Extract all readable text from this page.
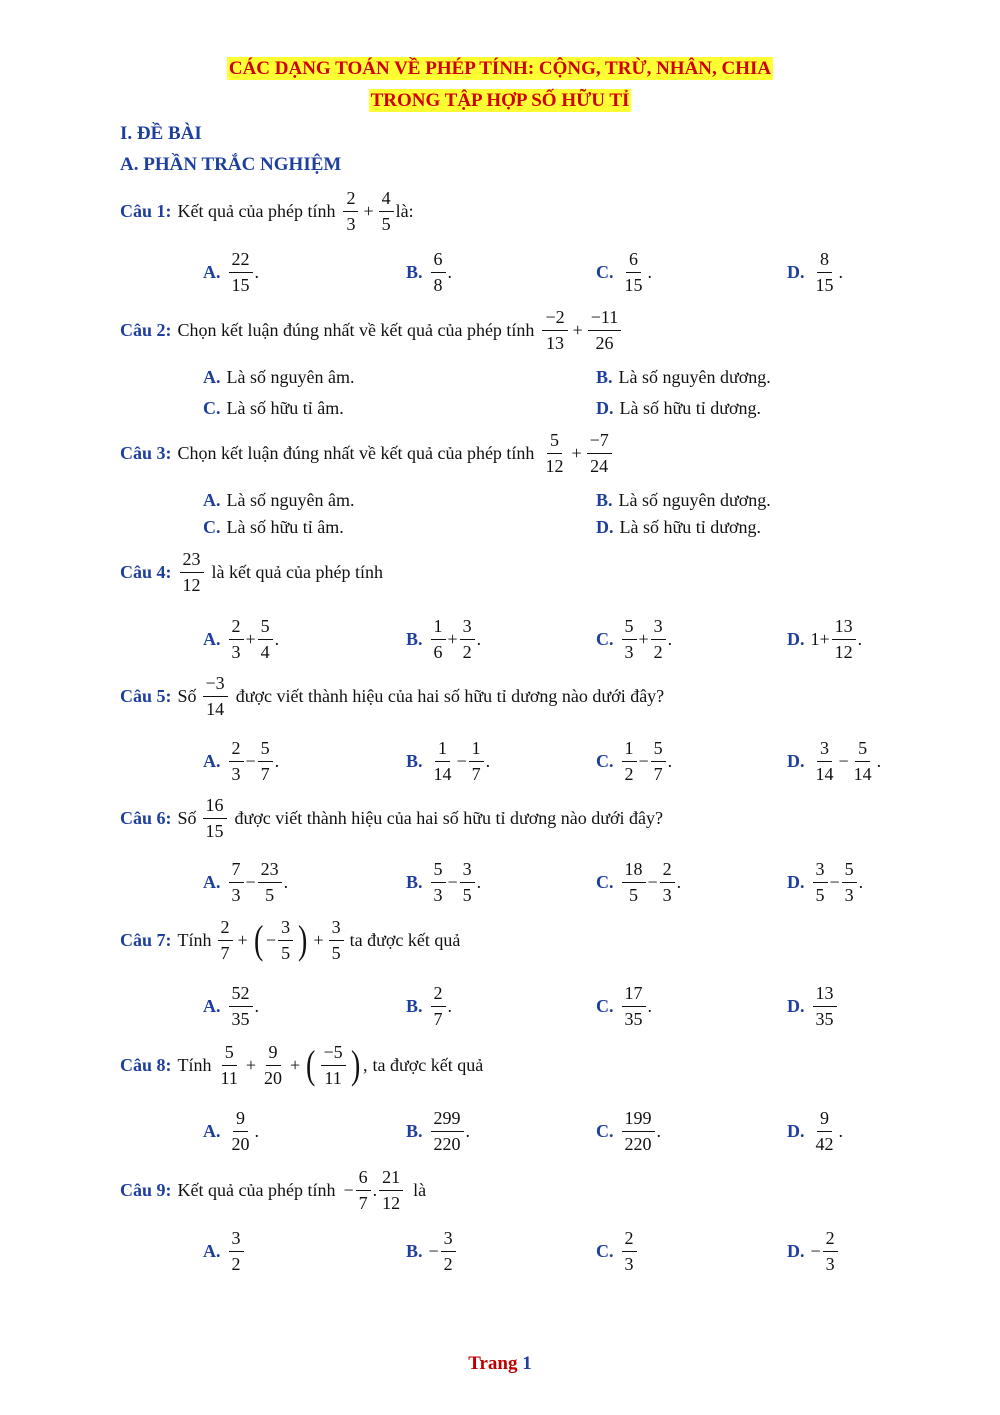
CÁC DẠNG TOÁN VỀ PHÉP TÍNH: CỘNG, TRỪ, NHÂN, CHIA
TRONG TẬP HỢP SỐ HỮU TỈ
I. ĐỀ BÀI
A. PHẦN TRẮC NGHIỆM
Câu 1: Kết quả của phép tính $\frac{2}{3} + \frac{4}{5}$ là:
A. $\frac{22}{15}$ .	B. $\frac{6}{8}$ .	C. $\frac{6}{15}$ .	D. $\frac{8}{15}$ .
Câu 2: Chọn kết luận đúng nhất về kết quả của phép tính $\frac{-2}{13} + \frac{-11}{26}$
A. Là số nguyên âm.	B. Là số nguyên dương.
C. Là số hữu tỉ âm.	D. Là số hữu tỉ dương.
Câu 3: Chọn kết luận đúng nhất về kết quả của phép tính $\frac{5}{12} + \frac{-7}{24}$
A. Là số nguyên âm.	B. Là số nguyên dương.
C. Là số hữu tỉ âm.	D. Là số hữu tỉ dương.
Câu 4: $\frac{23}{12}$ là kết quả của phép tính
A. $\frac{2}{3} + \frac{5}{4}$ .	B. $\frac{1}{6} + \frac{3}{2}$ .	C. $\frac{5}{3} + \frac{3}{2}$ .	D. $1 + \frac{13}{12}$ .
Câu 5: Số $\frac{-3}{14}$ được viết thành hiệu của hai số hữu tỉ dương nào dưới đây?
A. $\frac{2}{3} - \frac{5}{7}$ .	B. $\frac{1}{14} - \frac{1}{7}$ .	C. $\frac{1}{2} - \frac{5}{7}$ .	D. $\frac{3}{14} - \frac{5}{14}$ .
Câu 6: Số $\frac{16}{15}$ được viết thành hiệu của hai số hữu tỉ dương nào dưới đây?
A. $\frac{7}{3} - \frac{23}{5}$ .	B. $\frac{5}{3} - \frac{3}{5}$ .	C. $\frac{18}{5} - \frac{2}{3}$ .	D. $\frac{3}{5} - \frac{5}{3}$ .
Câu 7: Tính $\frac{2}{7}$ + ( − $\frac{3}{5}$ ) + $\frac{3}{5}$ ta được kết quả
A. $\frac{52}{35}$ .	B. $\frac{2}{7}$ .	C. $\frac{17}{35}$ .	D. $\frac{13}{35}$
Câu 8: Tính $\frac{5}{11} + \frac{9}{20}$ + ( $\frac{-5}{11}$ ) , ta được kết quả
A. $\frac{9}{20}$ .	B. $\frac{299}{220}$ .	C. $\frac{199}{220}$ .	D. $\frac{9}{42}$ .
Câu 9: Kết quả của phép tính − $\frac{6}{7}$ . $\frac{21}{12}$ là
A. $\frac{3}{2}$	B. − $\frac{3}{2}$	C. $\frac{2}{3}$	D. − $\frac{2}{3}$
Trang 1
